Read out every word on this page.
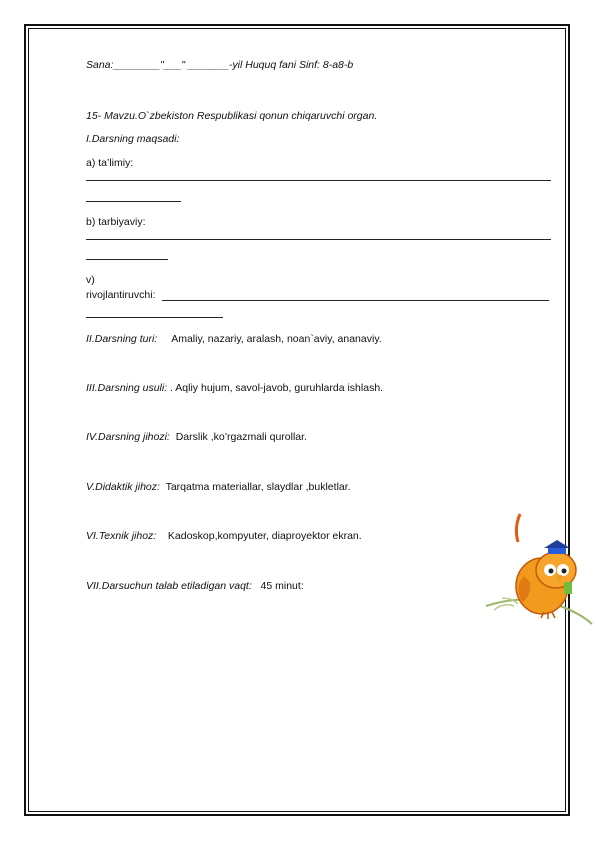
Sana:________"___" _______-yil Huquq fani Sinf: 8-a8-b
15- Mavzu.O`zbekiston Respublikasi qonun chiqaruvchi organ.
I.Darsning maqsadi:
a) ta’limiy:
b) tarbiyaviy:
v)
rivojlantiruvchi:
II.Darsning turi: Amaliy, nazariy, aralash, noan`aviy, ananaviy.
III.Darsning usuli: . Aqliy hujum, savol-javob, guruhlarda ishlash.
IV.Darsning jihozi: Darslik ,ko’rgazmali qurollar.
V.Didaktik jihoz: Tarqatma materiallar, slaydlar ,bukletlar.
VI.Texnik jihoz: Kadoskop,kompyuter, diaproyektor ekran.
VII.Darsuchun talab etiladigan vaqt: 45 minut:
